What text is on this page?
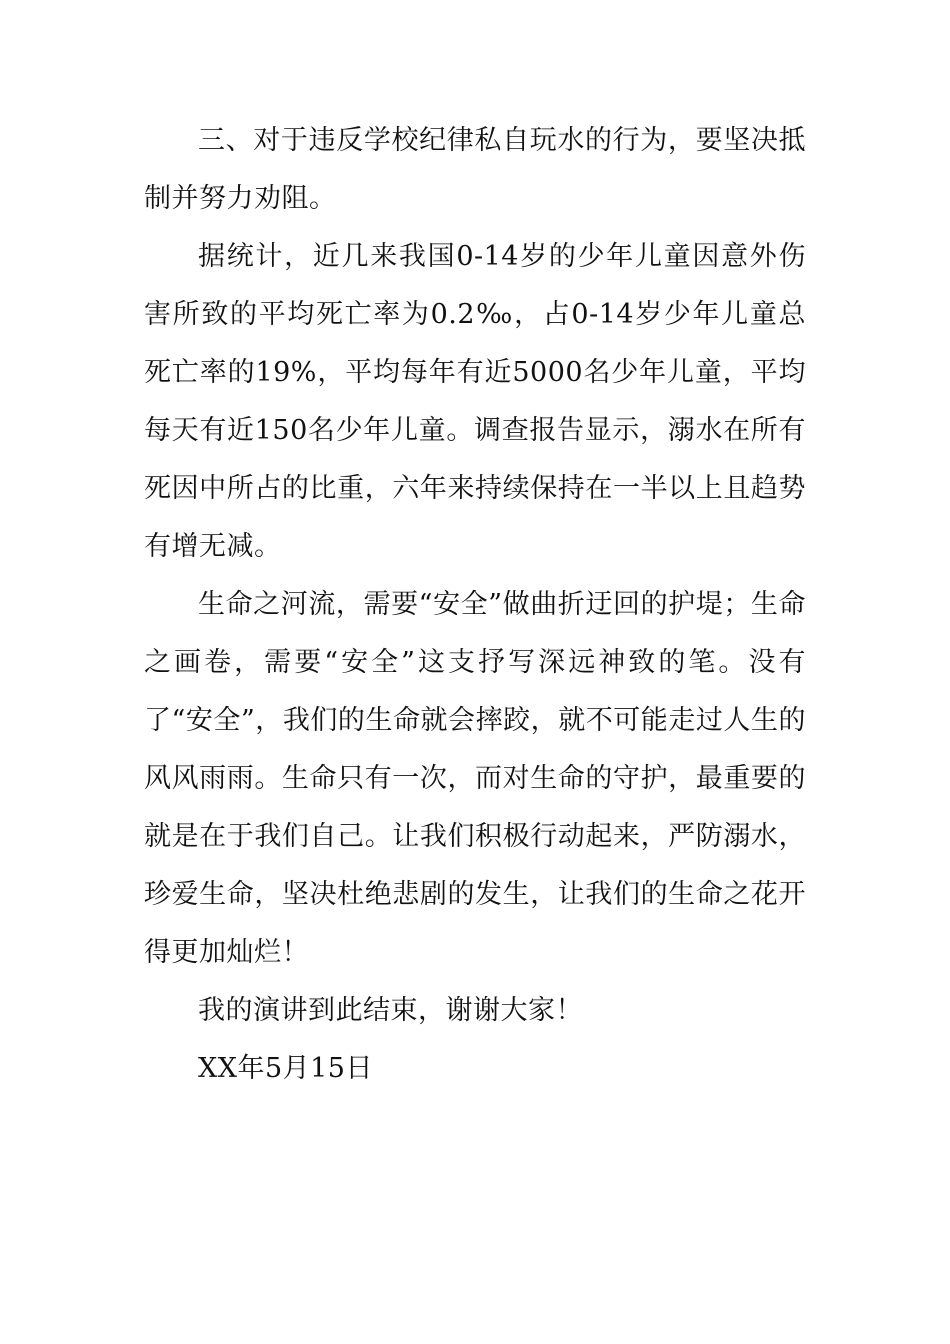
三、对于违反学校纪律私自玩水的行为，要坚决抵制并努力劝阻。

据统计，近几来我国0-14岁的少年儿童因意外伤害所致的平均死亡率为0.2‰，占0-14岁少年儿童总死亡率的19%，平均每年有近5000名少年儿童，平均每天有近150名少年儿童。调查报告显示，溺水在所有死因中所占的比重，六年来持续保持在一半以上且趋势有增无减。

生命之河流，需要“安全”做曲折迂回的护堤；生命之画卷，需要“安全”这支抒写深远神致的笔。没有了“安全”，我们的生命就会摔跤，就不可能走过人生的风风雨雨。生命只有一次，而对生命的守护，最重要的就是在于我们自己。让我们积极行动起来，严防溺水，珍爱生命，坚决杜绝悲剧的发生，让我们的生命之花开得更加灿烂！

我的演讲到此结束，谢谢大家！

XX年5月15日
